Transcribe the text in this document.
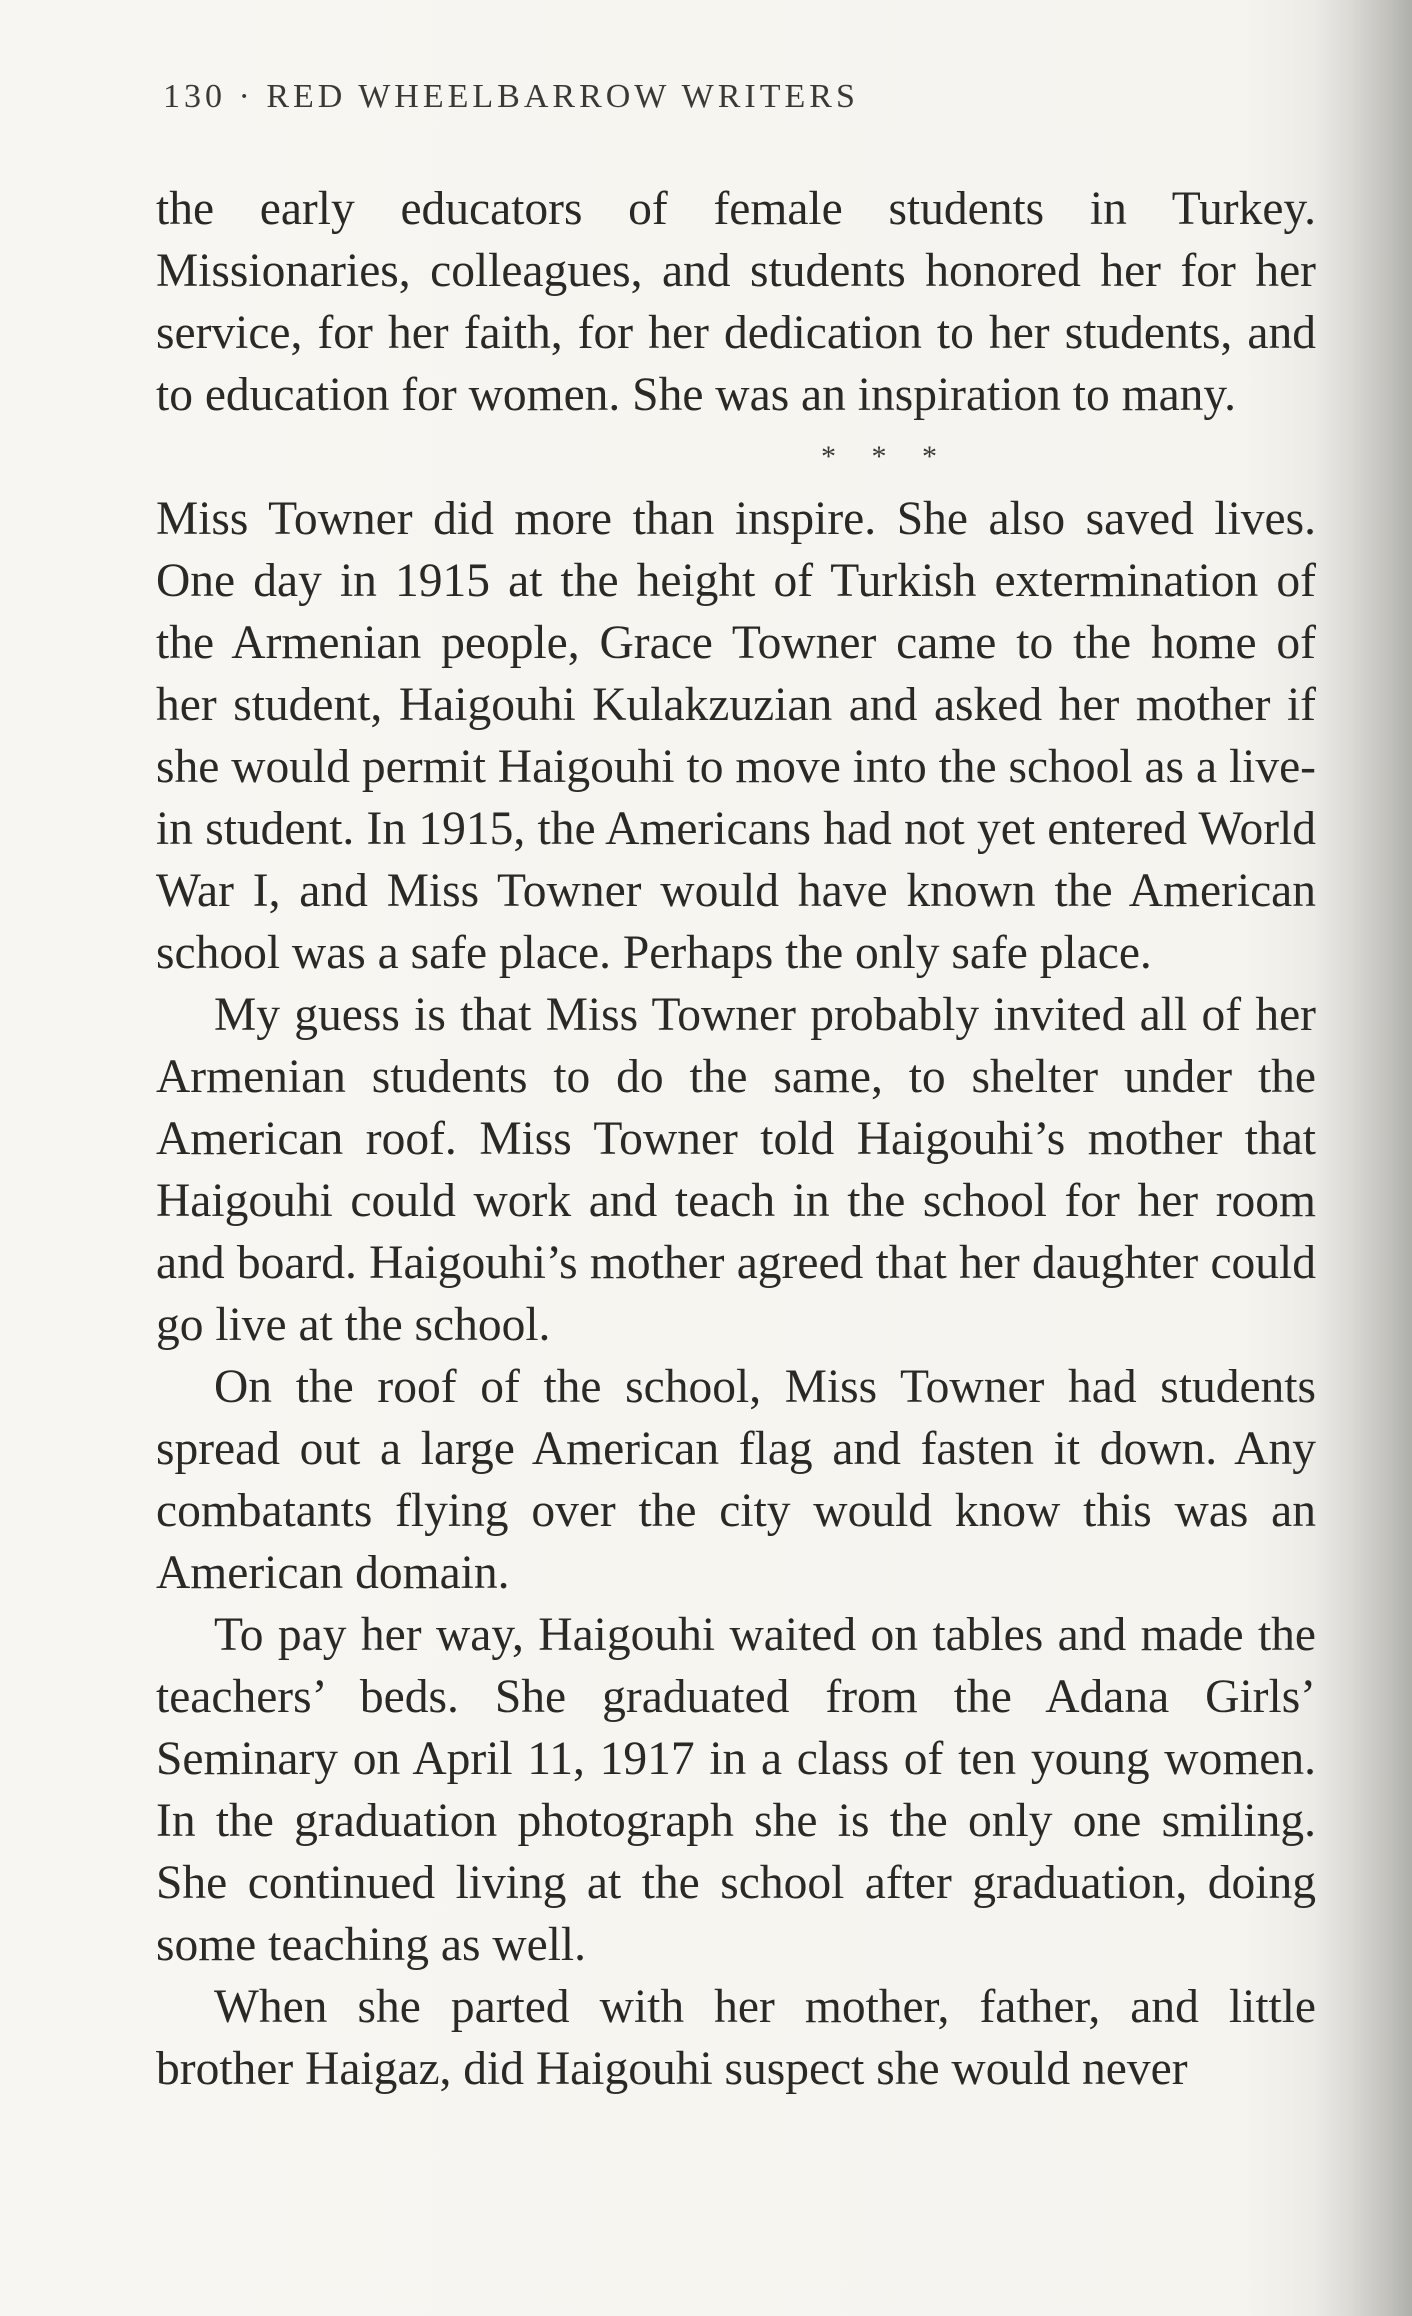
130 · RED WHEELBARROW WRITERS

the early educators of female students in Turkey. Missionaries, colleagues, and students honored her for her service, for her faith, for her dedication to her students, and to education for women. She was an inspiration to many.

* * *

Miss Towner did more than inspire. She also saved lives. One day in 1915 at the height of Turkish extermination of the Armenian people, Grace Towner came to the home of her student, Haigouhi Kulakzuzian and asked her mother if she would permit Haigouhi to move into the school as a live-in student. In 1915, the Americans had not yet entered World War I, and Miss Towner would have known the American school was a safe place. Perhaps the only safe place.

My guess is that Miss Towner probably invited all of her Armenian students to do the same, to shelter under the American roof. Miss Towner told Haigouhi’s mother that Haigouhi could work and teach in the school for her room and board. Haigouhi’s mother agreed that her daughter could go live at the school.

On the roof of the school, Miss Towner had students spread out a large American flag and fasten it down. Any combatants flying over the city would know this was an American domain.

To pay her way, Haigouhi waited on tables and made the teachers’ beds. She graduated from the Adana Girls’ Seminary on April 11, 1917 in a class of ten young women. In the graduation photograph she is the only one smiling. She continued living at the school after graduation, doing some teaching as well.

When she parted with her mother, father, and little brother Haigaz, did Haigouhi suspect she would never
